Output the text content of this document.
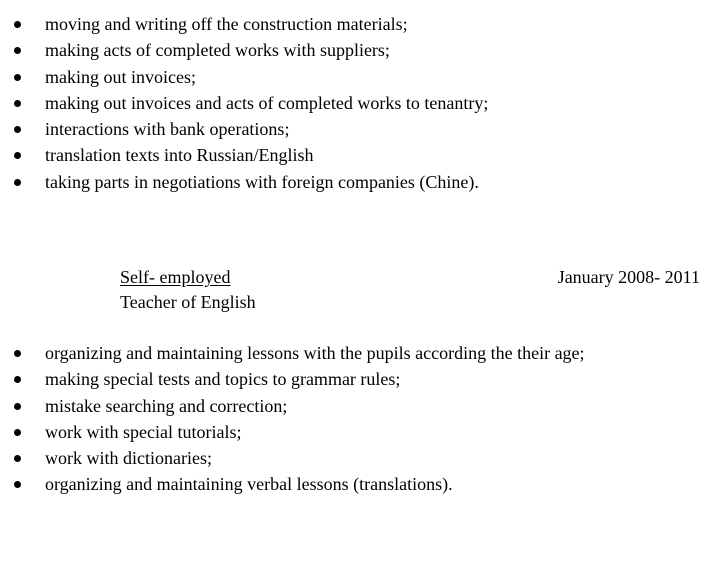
moving and writing off the construction materials;
making acts of completed works with suppliers;
making out invoices;
making out invoices and acts of completed works to tenantry;
interactions with bank operations;
translation texts into Russian/English
taking parts in negotiations with foreign companies (Chine).
Self- employed	January 2008- 2011
Teacher of English
organizing and maintaining lessons with the pupils according the their age;
making special tests and topics to grammar rules;
mistake searching and correction;
work with special tutorials;
work with dictionaries;
organizing and maintaining verbal lessons (translations).
